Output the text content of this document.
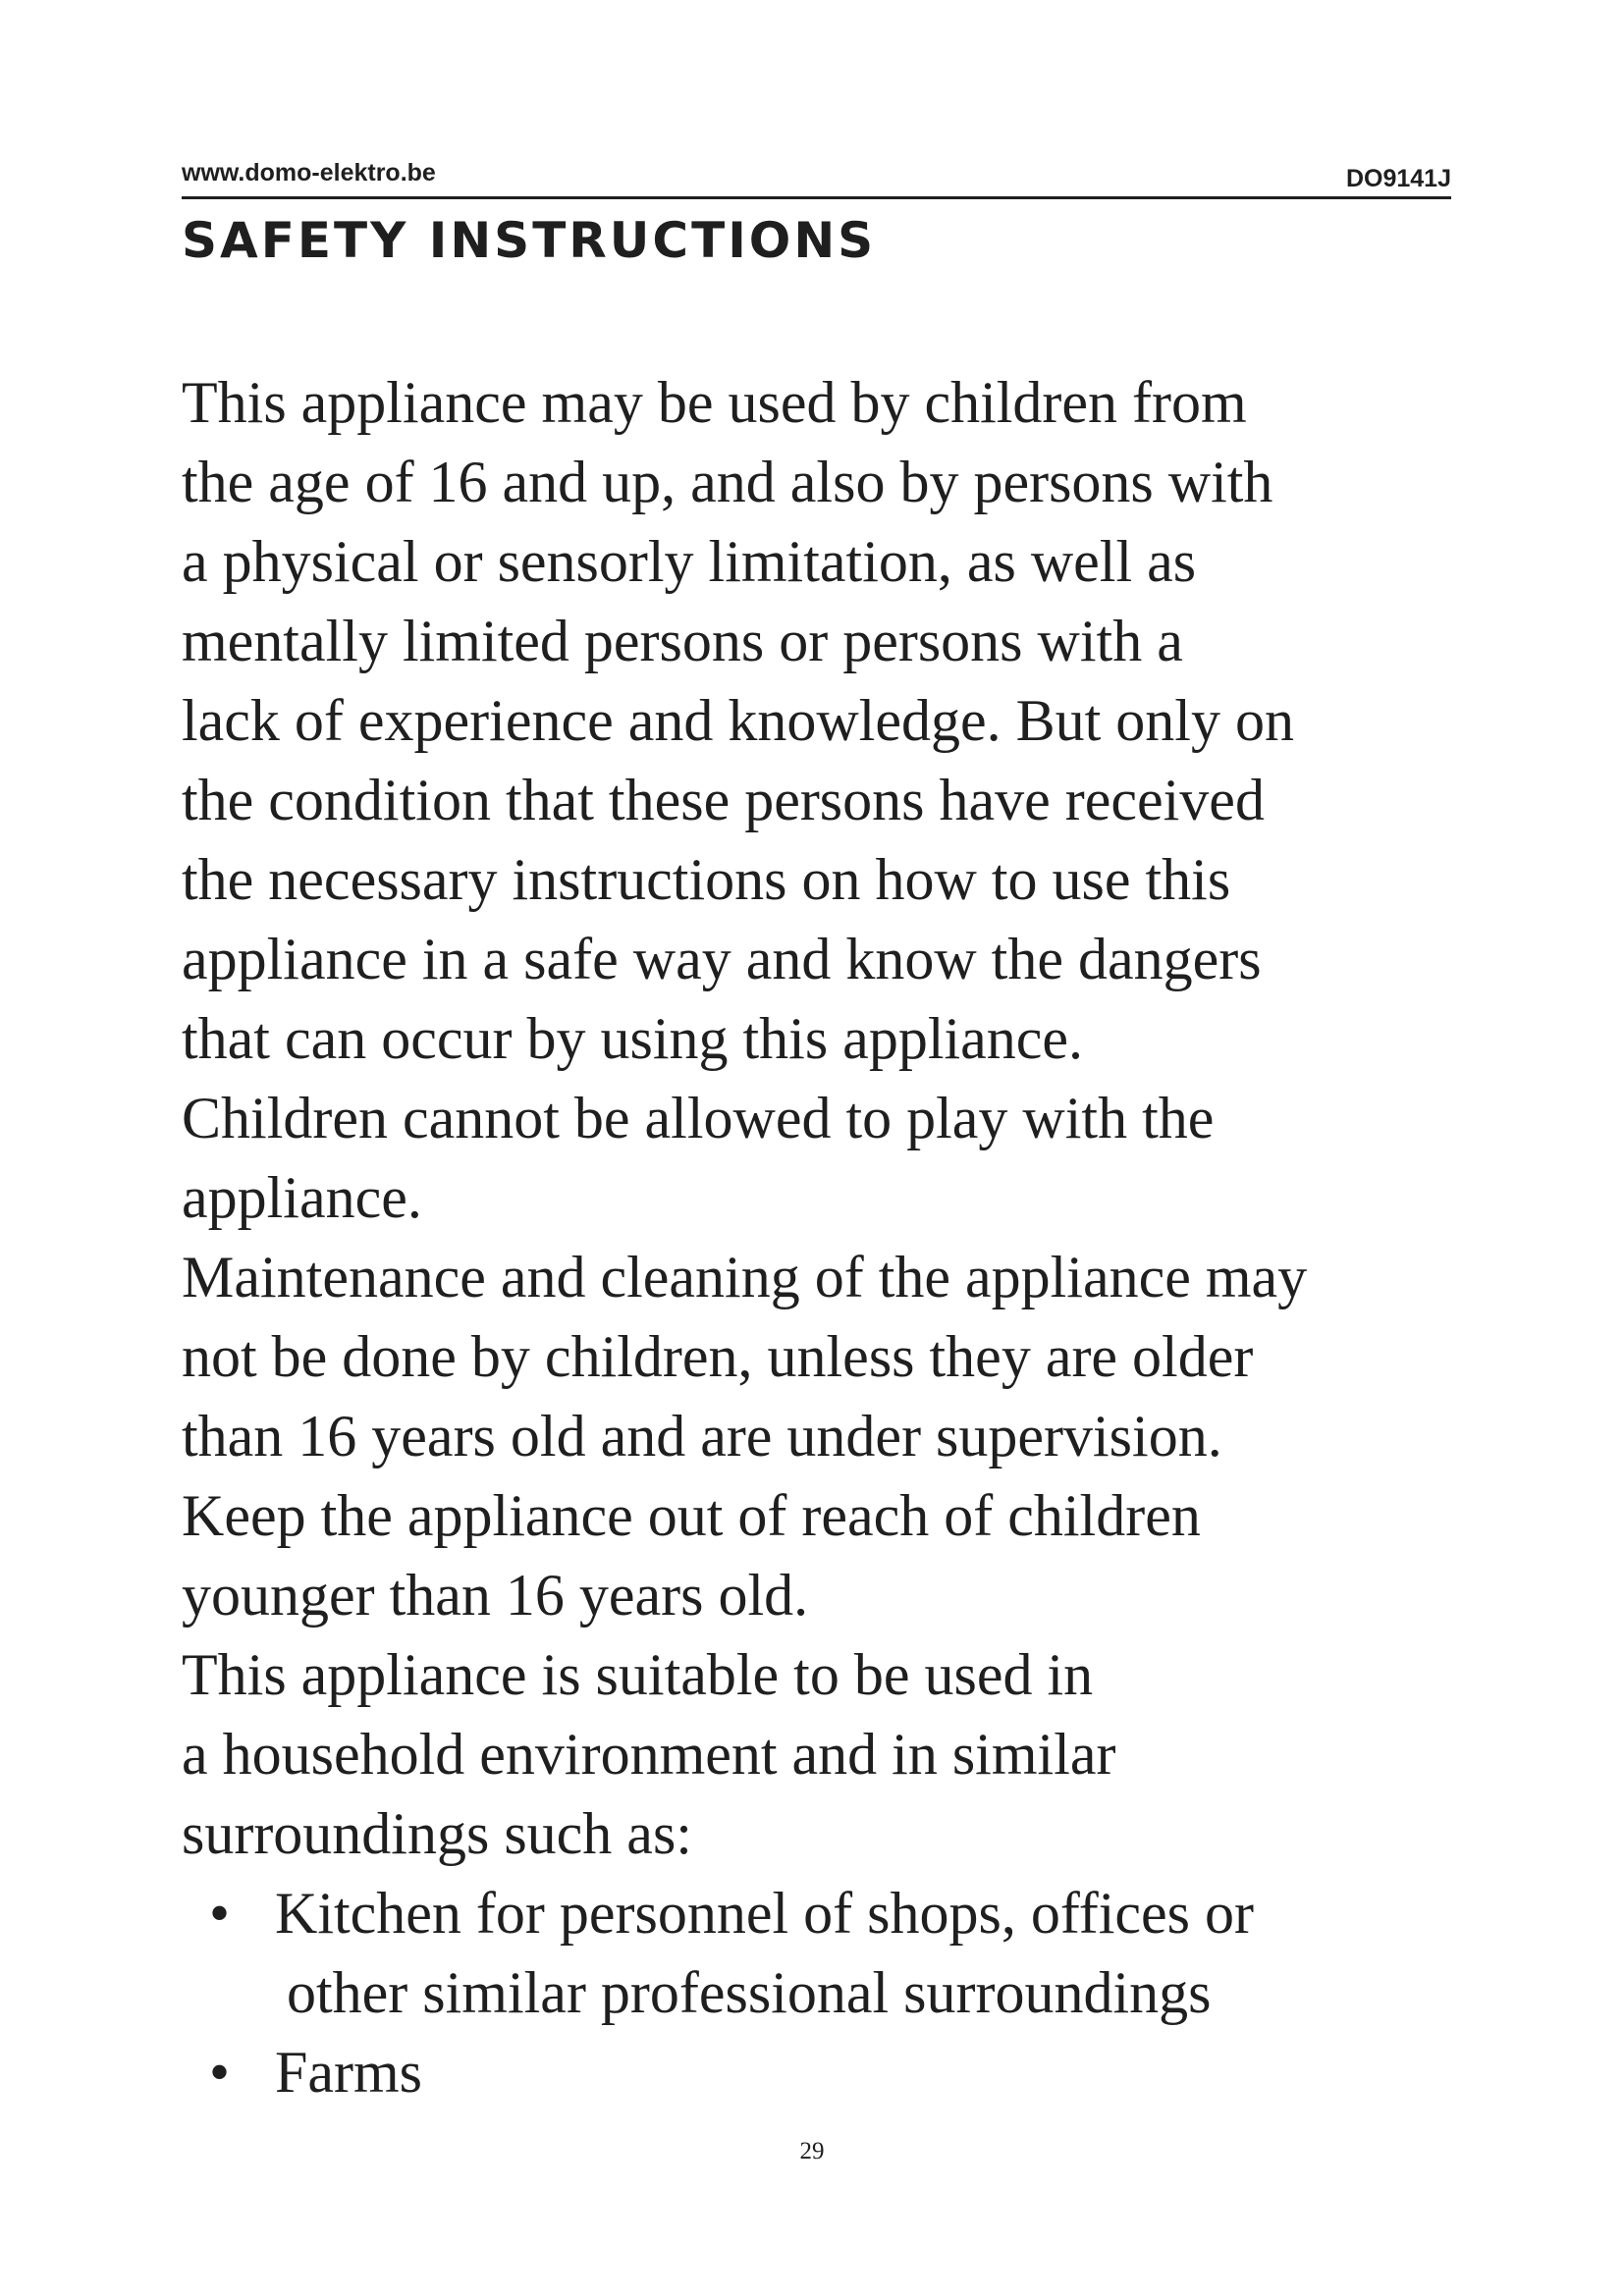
www.domo-elektro.be	DO9141J
SAFETY INSTRUCTIONS
This appliance may be used by children from
the age of 16 and up, and also by persons with
a physical or sensorly limitation, as well as
mentally limited persons or persons with a
lack of experience and knowledge. But only on
the condition that these persons have received
the necessary instructions on how to use this
appliance in a safe way and know the dangers
that can occur by using this appliance.
Children cannot be allowed to play with the
appliance.
Maintenance and cleaning of the appliance may
not be done by children, unless they are older
than 16 years old and are under supervision.
Keep the appliance out of reach of children
younger than 16 years old.
This appliance is suitable to be used in
a household environment and in similar
surroundings such as:
• Kitchen for personnel of shops, offices or
other similar professional surroundings
• Farms
29
